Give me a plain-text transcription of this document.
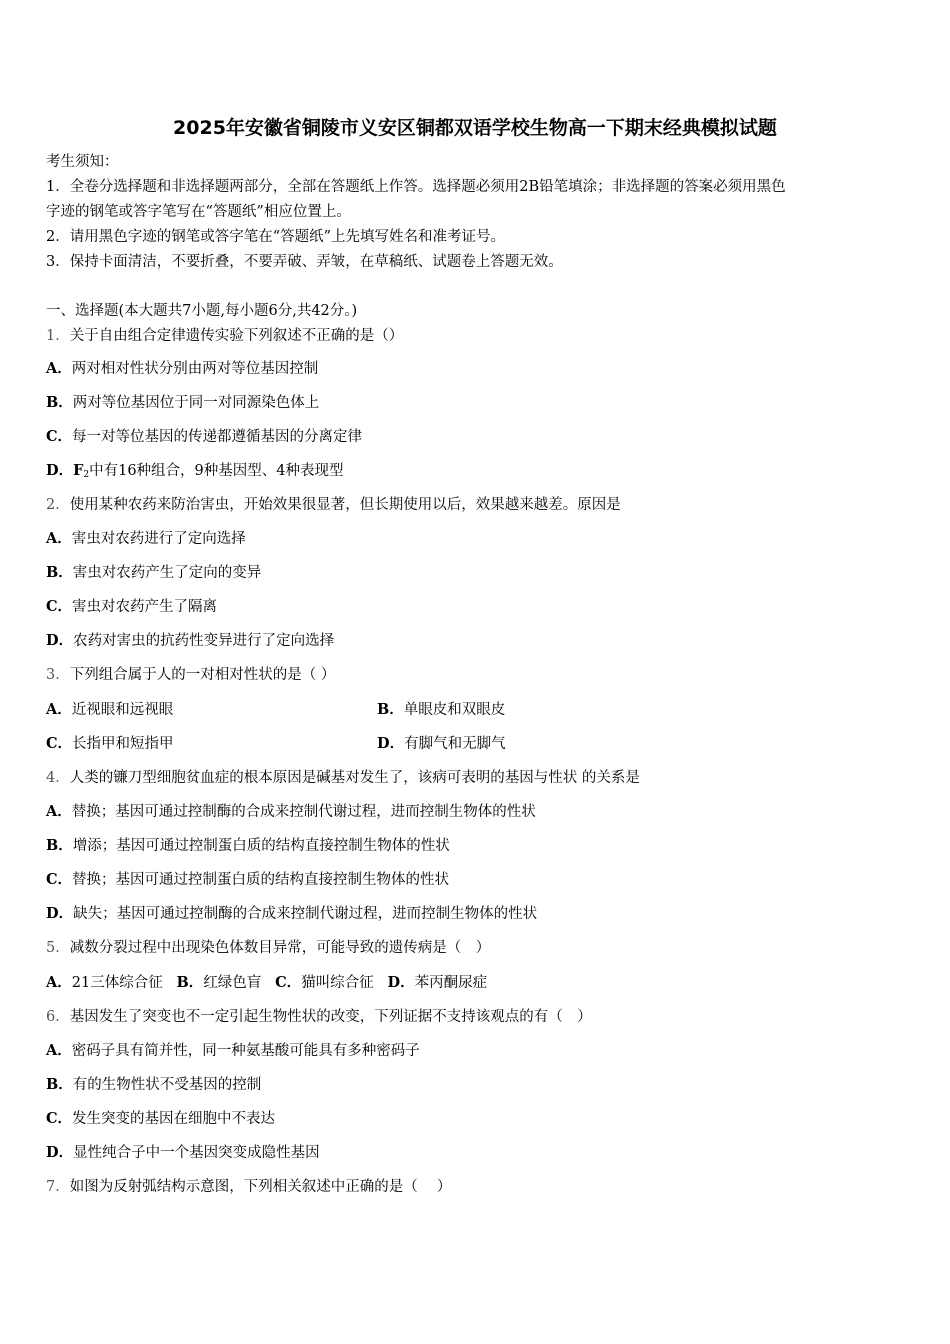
2025年安徽省铜陵市义安区铜都双语学校生物高一下期末经典模拟试题
考生须知：
1．全卷分选择题和非选择题两部分，全部在答题纸上作答。选择题必须用2B铅笔填涂；非选择题的答案必须用黑色
字迹的钢笔或答字笔写在“答题纸”相应位置上。
2．请用黑色字迹的钢笔或答字笔在“答题纸”上先填写姓名和准考证号。
3．保持卡面清洁，不要折叠，不要弄破、弄皱，在草稿纸、试题卷上答题无效。
一、选择题(本大题共7小题,每小题6分,共42分。)
1．关于自由组合定律遗传实验下列叙述不正确的是（）
A．两对相对性状分别由两对等位基因控制
B．两对等位基因位于同一对同源染色体上
C．每一对等位基因的传递都遵循基因的分离定律
D．$F_2$中有16种组合，9种基因型、4种表现型
2．使用某种农药来防治害虫，开始效果很显著，但长期使用以后，效果越来越差。原因是
A．害虫对农药进行了定向选择
B．害虫对农药产生了定向的变异
C．害虫对农药产生了隔离
D．农药对害虫的抗药性变异进行了定向选择
3．下列组合属于人的一对相对性状的是（ ）
A．近视眼和远视眼	B．单眼皮和双眼皮
C．长指甲和短指甲	D．有脚气和无脚气
4．人类的镰刀型细胞贫血症的根本原因是碱基对发生了，该病可表明的基因与性状 的关系是
A．替换；基因可通过控制酶的合成来控制代谢过程，进而控制生物体的性状
B．增添；基因可通过控制蛋白质的结构直接控制生物体的性状
C．替换；基因可通过控制蛋白质的结构直接控制生物体的性状
D．缺失；基因可通过控制酶的合成来控制代谢过程，进而控制生物体的性状
5．减数分裂过程中出现染色体数目异常，可能导致的遗传病是（　）
A．21三体综合征 B．红绿色盲 C．猫叫综合征 D．苯丙酮尿症
6．基因发生了突变也不一定引起生物性状的改变，下列证据不支持该观点的有（　）
A．密码子具有简并性，同一种氨基酸可能具有多种密码子
B．有的生物性状不受基因的控制
C．发生突变的基因在细胞中不表达
D．显性纯合子中一个基因突变成隐性基因
7．如图为反射弧结构示意图，下列相关叙述中正确的是（　 ）
